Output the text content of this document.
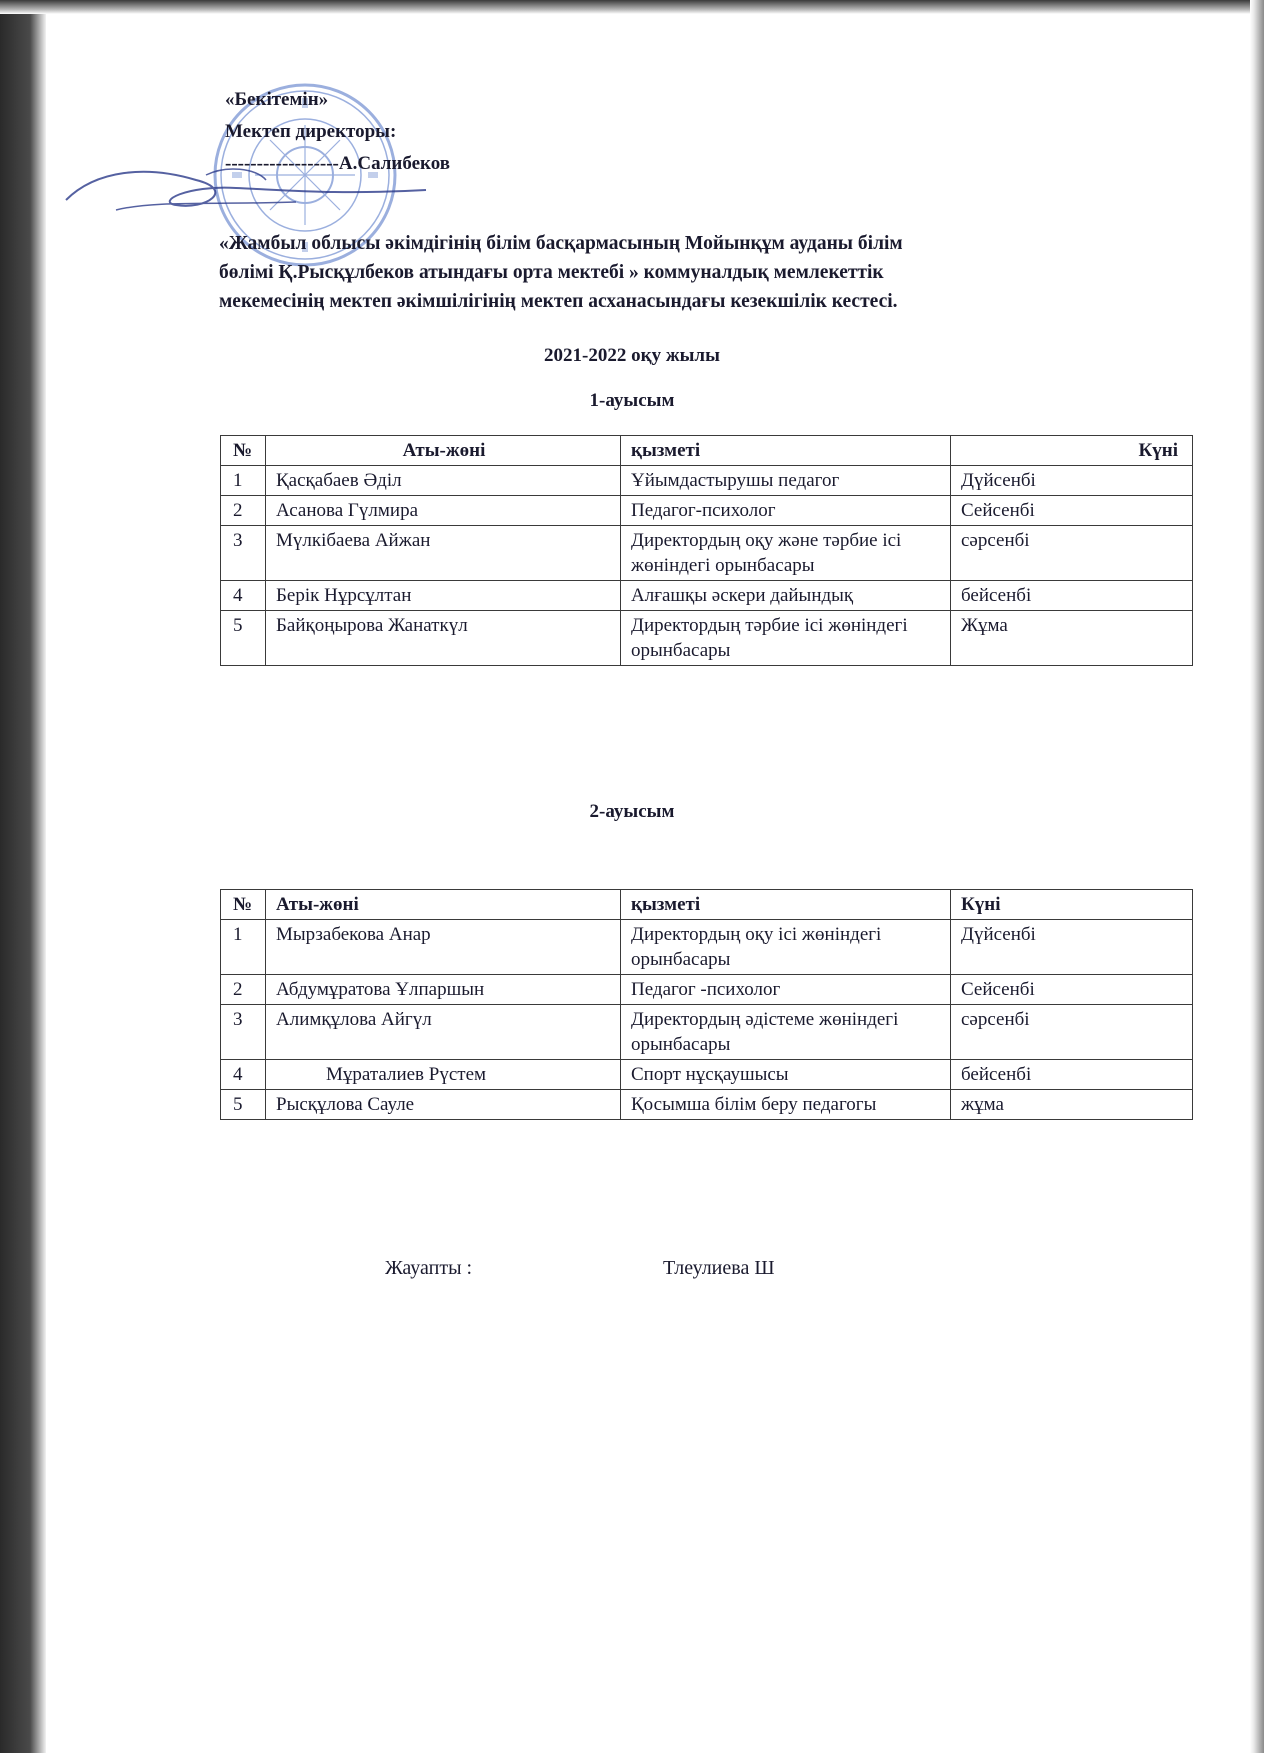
«Бекітемін»
Мектеп директоры:
------------------А.Салибеков
«Жамбыл облысы әкімдігінің білім басқармасының Мойынқұм ауданы білім
бөлімі Қ.Рысқұлбеков атындағы орта мектебі » коммуналдық мемлекеттік
мекемесінің мектеп әкімшілігінің мектеп асханасындағы кезекшілік кестесі.
2021-2022 оқу жылы
1-ауысым
№	Аты-жөні	қызметі	Күні
1	Қасқабаев Әділ	Ұйымдастырушы педагог	Дүйсенбі
2	Асанова Гүлмира	Педагог-психолог	Сейсенбі
3	Мүлкібаева Айжан	Директордың оқу және тәрбие ісі жөніндегі орынбасары	сәрсенбі
4	Берік Нұрсұлтан	Алғашқы әскери дайындық	бейсенбі
5	Байқоңырова Жанаткүл	Директордың тәрбие ісі жөніндегі орынбасары	Жұма
2-ауысым
№	Аты-жөні	қызметі	Күні
1	Мырзабекова Анар	Директордың оқу ісі жөніндегі орынбасары	Дүйсенбі
2	Абдумұратова Ұлпаршын	Педагог -психолог	Сейсенбі
3	Алимқұлова Айгүл	Директордың әдістеме жөніндегі орынбасары	сәрсенбі
4	Мұраталиев Рүстем	Спорт нұсқаушысы	бейсенбі
5	Рысқұлова Сауле	Қосымша білім беру педагогы	жұма
Жауапты :	Тлеулиева Ш
